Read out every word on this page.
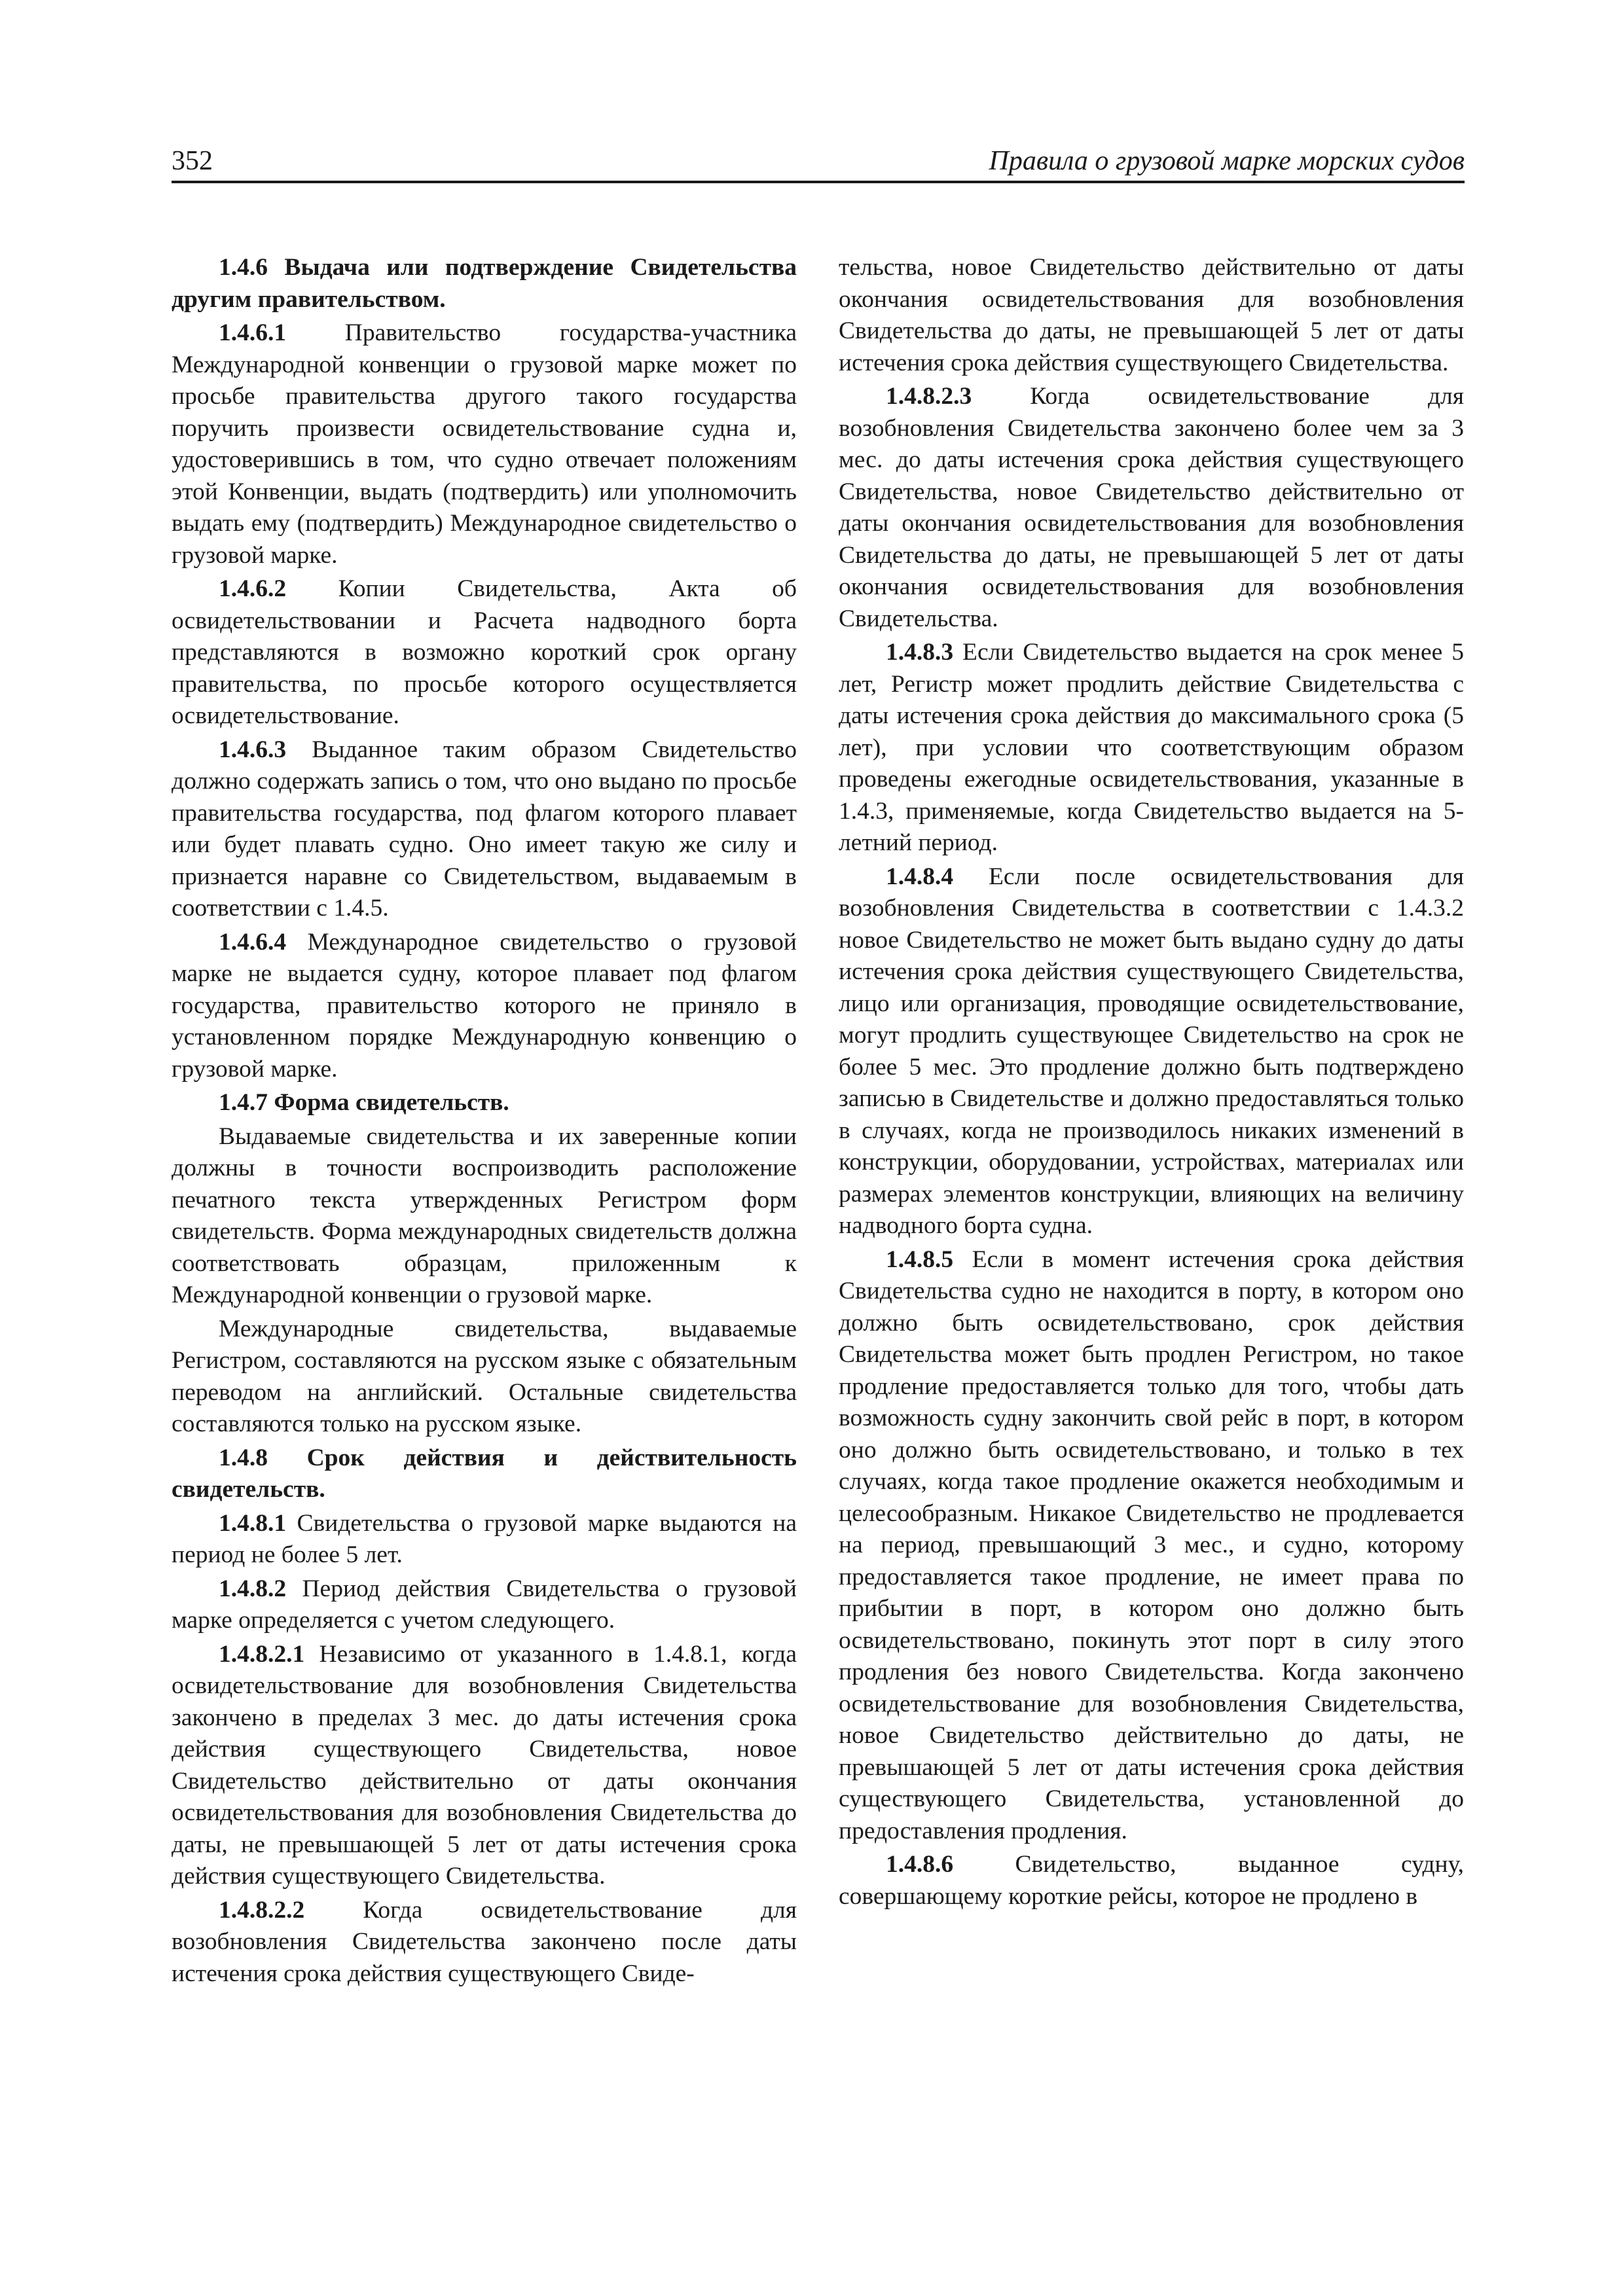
352	Правила о грузовой марке морских судов

1.4.6 Выдача или подтверждение Свидетельства другим правительством.

1.4.6.1 Правительство государства-участника Международной конвенции о грузовой марке может по просьбе правительства другого такого государства поручить произвести освидетельствование судна и, удостоверившись в том, что судно отвечает положениям этой Конвенции, выдать (подтвердить) или уполномочить выдать ему (подтвердить) Международное свидетельство о грузовой марке.

1.4.6.2 Копии Свидетельства, Акта об освидетельствовании и Расчета надводного борта представляются в возможно короткий срок органу правительства, по просьбе которого осуществляется освидетельствование.

1.4.6.3 Выданное таким образом Свидетельство должно содержать запись о том, что оно выдано по просьбе правительства государства, под флагом которого плавает или будет плавать судно. Оно имеет такую же силу и признается наравне со Свидетельством, выдаваемым в соответствии с 1.4.5.

1.4.6.4 Международное свидетельство о грузовой марке не выдается судну, которое плавает под флагом государства, правительство которого не приняло в установленном порядке Международную конвенцию о грузовой марке.

1.4.7 Форма свидетельств.

Выдаваемые свидетельства и их заверенные копии должны в точности воспроизводить расположение печатного текста утвержденных Регистром форм свидетельств. Форма международных свидетельств должна соответствовать образцам, приложенным к Международной конвенции о грузовой марке.

Международные свидетельства, выдаваемые Регистром, составляются на русском языке с обязательным переводом на английский. Остальные свидетельства составляются только на русском языке.

1.4.8 Срок действия и действительность свидетельств.

1.4.8.1 Свидетельства о грузовой марке выдаются на период не более 5 лет.

1.4.8.2 Период действия Свидетельства о грузовой марке определяется с учетом следующего.

1.4.8.2.1 Независимо от указанного в 1.4.8.1, когда освидетельствование для возобновления Свидетельства закончено в пределах 3 мес. до даты истечения срока действия существующего Свидетельства, новое Свидетельство действительно от даты окончания освидетельствования для возобновления Свидетельства до даты, не превышающей 5 лет от даты истечения срока действия существующего Свидетельства.

1.4.8.2.2 Когда освидетельствование для возобновления Свидетельства закончено после даты истечения срока действия существующего Свиде-

тельства, новое Свидетельство действительно от даты окончания освидетельствования для возобновления Свидетельства до даты, не превышающей 5 лет от даты истечения срока действия существующего Свидетельства.

1.4.8.2.3 Когда освидетельствование для возобновления Свидетельства закончено более чем за 3 мес. до даты истечения срока действия существующего Свидетельства, новое Свидетельство действительно от даты окончания освидетельствования для возобновления Свидетельства до даты, не превышающей 5 лет от даты окончания освидетельствования для возобновления Свидетельства.

1.4.8.3 Если Свидетельство выдается на срок менее 5 лет, Регистр может продлить действие Свидетельства с даты истечения срока действия до максимального срока (5 лет), при условии что соответствующим образом проведены ежегодные освидетельствования, указанные в 1.4.3, применяемые, когда Свидетельство выдается на 5-летний период.

1.4.8.4 Если после освидетельствования для возобновления Свидетельства в соответствии с 1.4.3.2 новое Свидетельство не может быть выдано судну до даты истечения срока действия существующего Свидетельства, лицо или организация, проводящие освидетельствование, могут продлить существующее Свидетельство на срок не более 5 мес. Это продление должно быть подтверждено записью в Свидетельстве и должно предоставляться только в случаях, когда не производилось никаких изменений в конструкции, оборудовании, устройствах, материалах или размерах элементов конструкции, влияющих на величину надводного борта судна.

1.4.8.5 Если в момент истечения срока действия Свидетельства судно не находится в порту, в котором оно должно быть освидетельствовано, срок действия Свидетельства может быть продлен Регистром, но такое продление предоставляется только для того, чтобы дать возможность судну закончить свой рейс в порт, в котором оно должно быть освидетельствовано, и только в тех случаях, когда такое продление окажется необходимым и целесообразным. Никакое Свидетельство не продлевается на период, превышающий 3 мес., и судно, которому предоставляется такое продление, не имеет права по прибытии в порт, в котором оно должно быть освидетельствовано, покинуть этот порт в силу этого продления без нового Свидетельства. Когда закончено освидетельствование для возобновления Свидетельства, новое Свидетельство действительно до даты, не превышающей 5 лет от даты истечения срока действия существующего Свидетельства, установленной до предоставления продления.

1.4.8.6 Свидетельство, выданное судну, совершающему короткие рейсы, которое не продлено в
